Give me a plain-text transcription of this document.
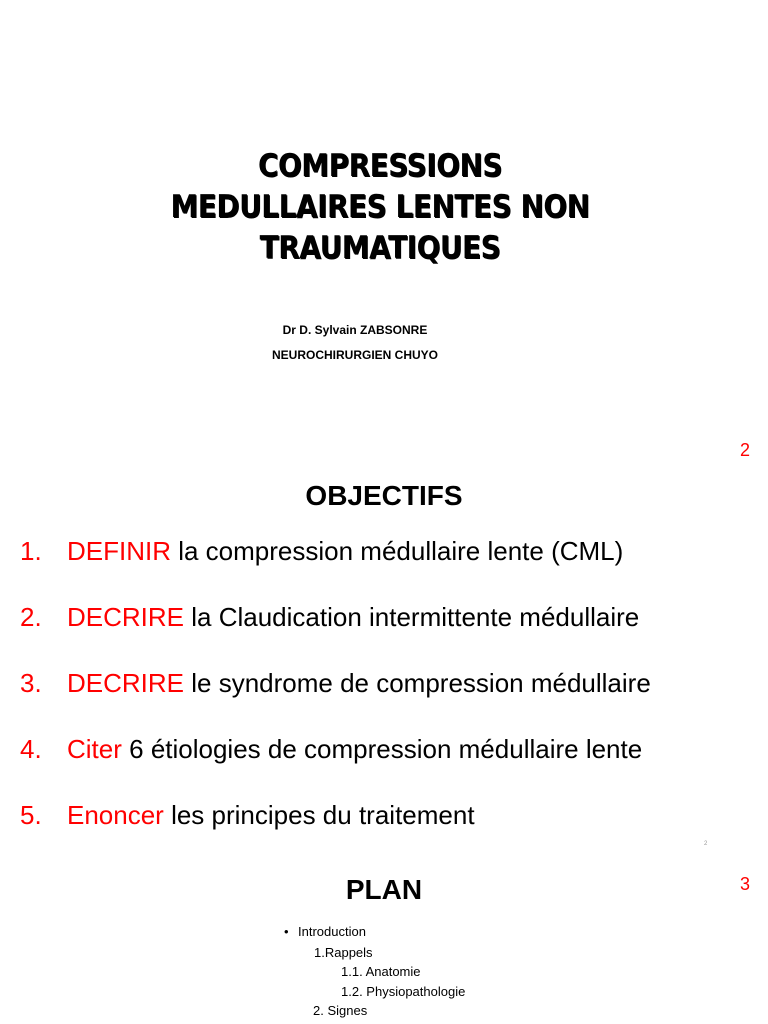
COMPRESSIONS
MEDULLAIRES LENTES NON
TRAUMATIQUES
Dr D. Sylvain ZABSONRE
NEUROCHIRURGIEN CHUYO
2
OBJECTIFS
1. DEFINIR la compression médullaire lente (CML)
2. DECRIRE la Claudication intermittente médullaire
3. DECRIRE le syndrome de compression médullaire
4. Citer 6 étiologies de compression médullaire lente
5. Enoncer les principes du traitement
2
3
PLAN
• Introduction
1.Rappels
1.1. Anatomie
1.2. Physiopathologie
2. Signes
